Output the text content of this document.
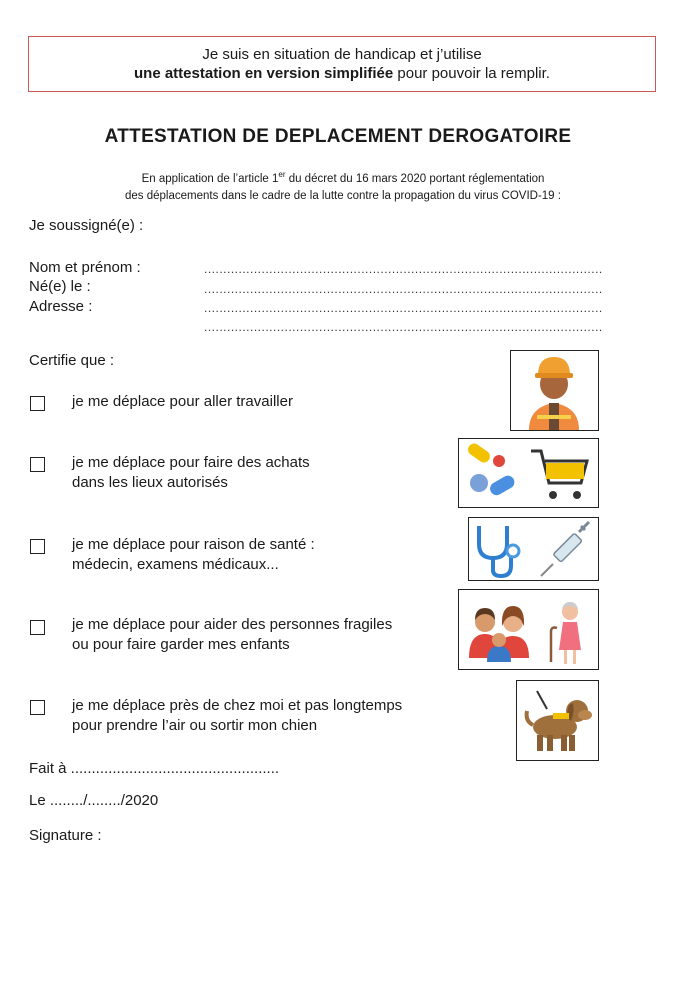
Je suis en situation de handicap et j’utilise
une attestation en version simplifiée pour pouvoir la remplir.
ATTESTATION DE DEPLACEMENT DEROGATOIRE
En application de l’article 1er du décret du 16 mars 2020 portant réglementation
des déplacements dans le cadre de la lutte contre la propagation du virus COVID-19 :
Je soussigné(e) :
Nom et prénom :
Né(e) le :
Adresse :
........................................................................................................
........................................................................................................
........................................................................................................
........................................................................................................
Certifie que :
je me déplace pour aller travailler
je me déplace pour faire des achats
dans les lieux autorisés
je me déplace pour raison de santé :
médecin, examens médicaux...
je me déplace pour aider des personnes fragiles
ou pour faire garder mes enfants
je me déplace près de chez moi et pas longtemps
pour prendre l’air ou sortir mon chien
Fait à ..................................................
Le ......../......../2020
Signature :
